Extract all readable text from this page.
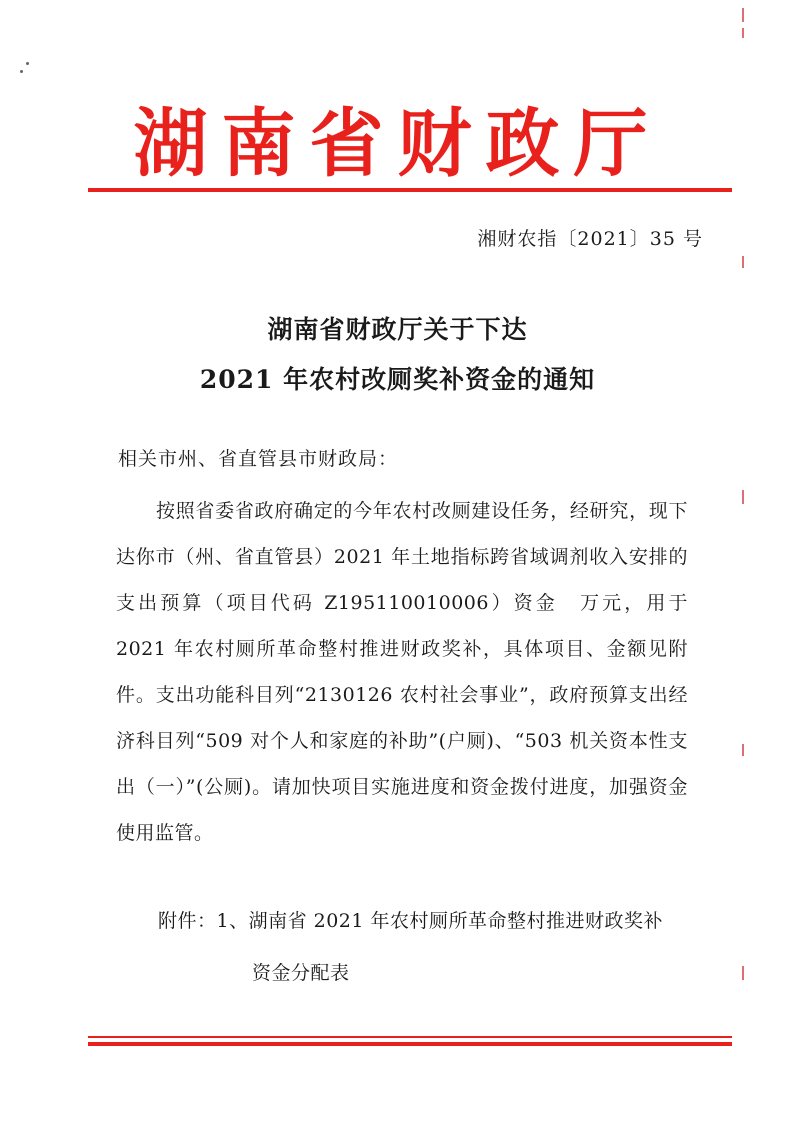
湖南省财政厅
湘财农指〔2021〕35 号
湖南省财政厅关于下达
2021 年农村改厕奖补资金的通知
相关市州、省直管县市财政局：
按照省委省政府确定的今年农村改厕建设任务，经研究，现下达你市（州、省直管县）2021 年土地指标跨省域调剂收入安排的支出预算（项目代码 Z195110010006）资金　万元，用于 2021 年农村厕所革命整村推进财政奖补，具体项目、金额见附件。支出功能科目列“2130126 农村社会事业”，政府预算支出经济科目列“509 对个人和家庭的补助”(户厕)、“503 机关资本性支出（一）”(公厕)。请加快项目实施进度和资金拨付进度，加强资金使用监管。
附件：1、湖南省 2021 年农村厕所革命整村推进财政奖补
资金分配表
